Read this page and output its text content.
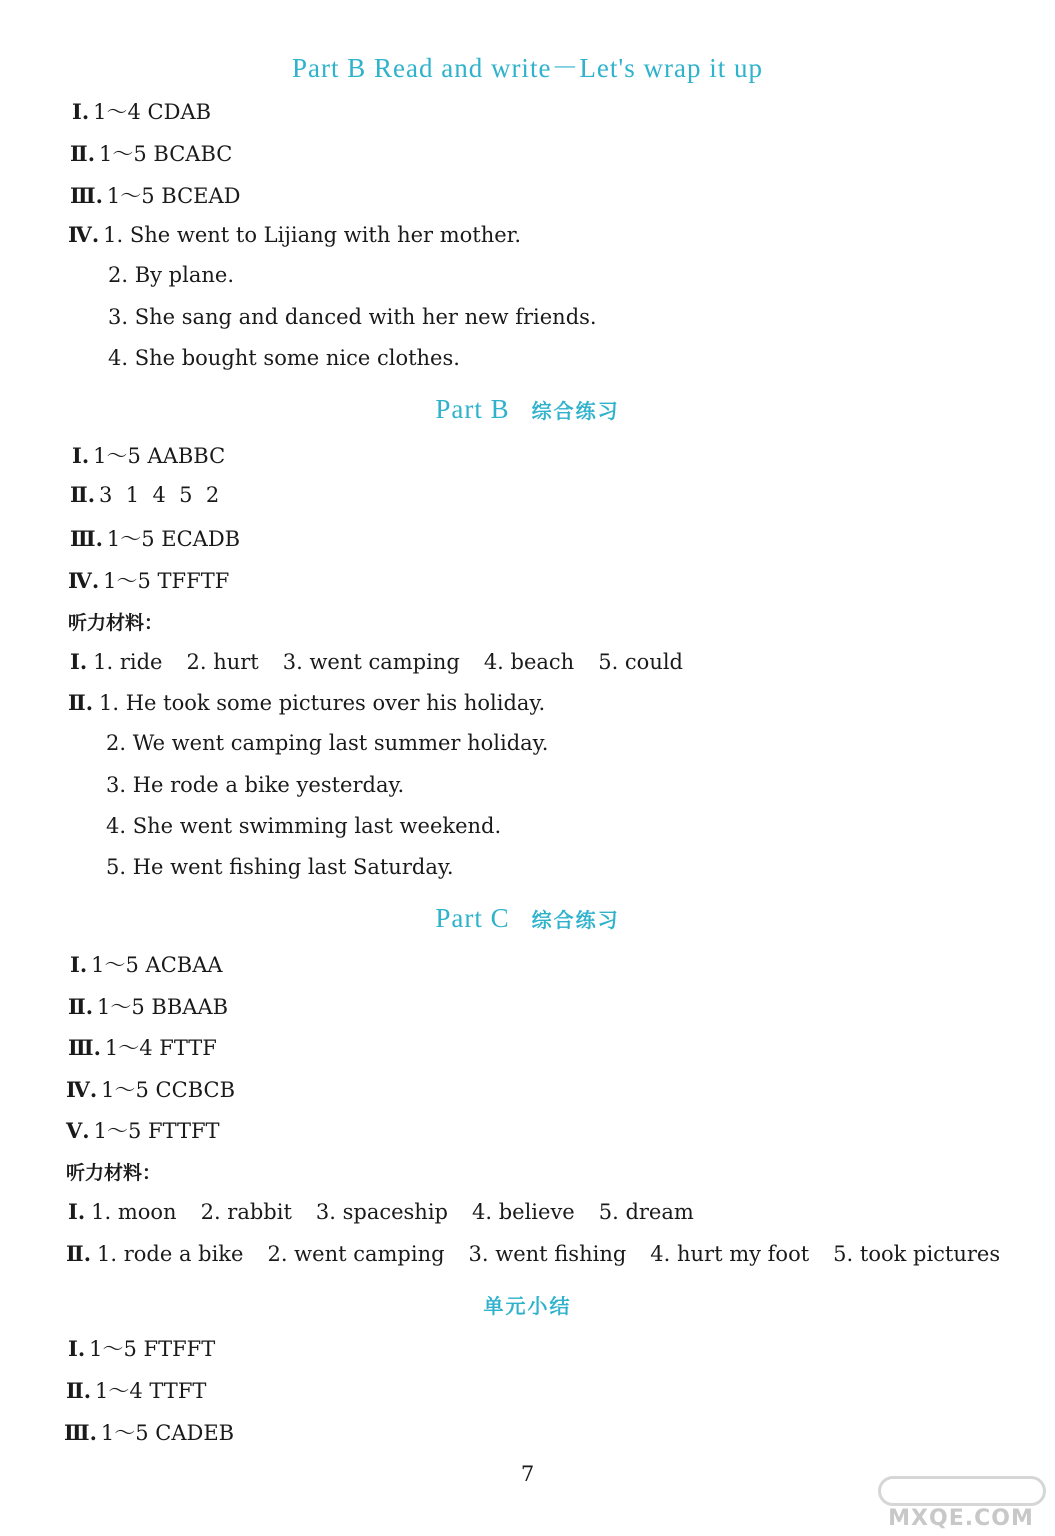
Part B Read and write－Let's wrap it up
Ⅰ. 1～4 CDAB
Ⅱ. 1～5 BCABC
Ⅲ. 1～5 BCEAD
Ⅳ. 1. She went to Lijiang with her mother.
2. By plane.
3. She sang and danced with her new friends.
4. She bought some nice clothes.
Part B 综合练习
Ⅰ. 1～5 AABBC
Ⅱ. 3  1  4  5  2
Ⅲ. 1～5 ECADB
Ⅳ. 1～5 TFFTF
听力材料：
Ⅰ. 1. ride 2. hurt 3. went camping 4. beach 5. could
Ⅱ. 1. He took some pictures over his holiday.
2. We went camping last summer holiday.
3. He rode a bike yesterday.
4. She went swimming last weekend.
5. He went fishing last Saturday.
Part C 综合练习
Ⅰ. 1～5 ACBAA
Ⅱ. 1～5 BBAAB
Ⅲ. 1～4 FTTF
Ⅳ. 1～5 CCBCB
Ⅴ. 1～5 FTTFT
听力材料：
Ⅰ. 1. moon 2. rabbit 3. spaceship 4. believe 5. dream
Ⅱ. 1. rode a bike 2. went camping 3. went fishing 4. hurt my foot 5. took pictures
单元小结
Ⅰ. 1～5 FTFFT
Ⅱ. 1～4 TTFT
Ⅲ. 1～5 CADEB
7
MXQE.COM
